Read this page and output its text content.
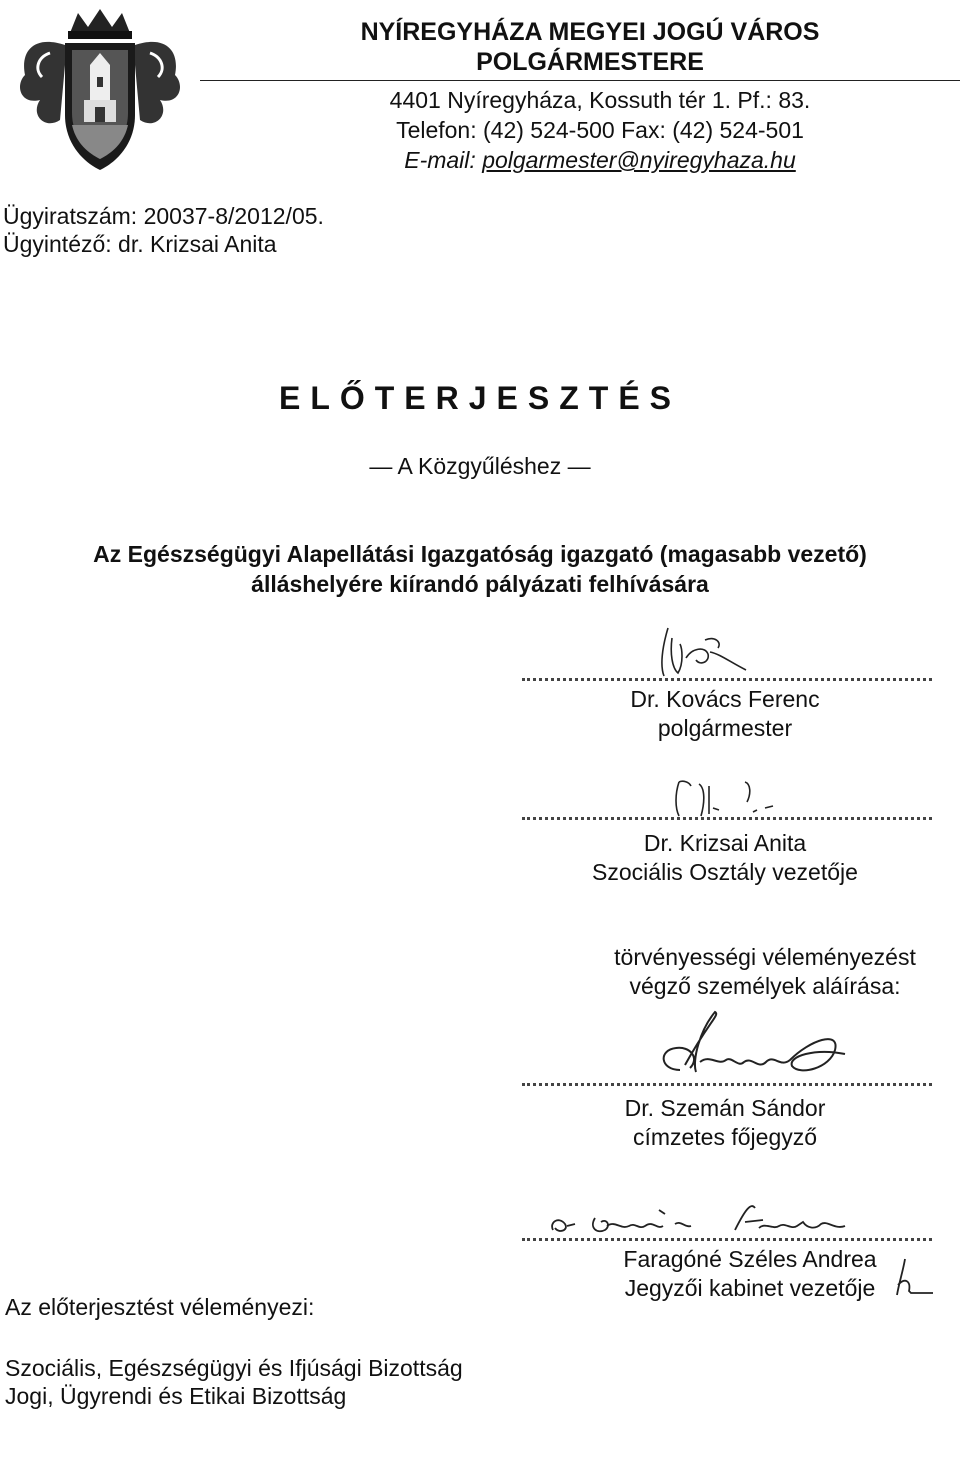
NYÍREGYHÁZA MEGYEI JOGÚ VÁROS
POLGÁRMESTERE
4401 Nyíregyháza, Kossuth tér 1. Pf.: 83.
Telefon: (42) 524-500 Fax: (42) 524-501
E-mail: polgarmester@nyiregyhaza.hu
Ügyiratszám: 20037-8/2012/05.
Ügyintéző: dr. Krizsai Anita
ELŐTERJESZTÉS
— A Közgyűléshez —
Az Egészségügyi Alapellátási Igazgatóság igazgató (magasabb vezető)
álláshelyére kiírandó pályázati felhívására
Dr. Kovács Ferenc
polgármester
Dr. Krizsai Anita
Szociális Osztály vezetője
törvényességi véleményezést
végző személyek aláírása:
Dr. Szemán Sándor
címzetes főjegyző
Faragóné Széles Andrea
Jegyzői kabinet vezetője
Az előterjesztést véleményezi:
Szociális, Egészségügyi és Ifjúsági Bizottság
Jogi, Ügyrendi és Etikai Bizottság
